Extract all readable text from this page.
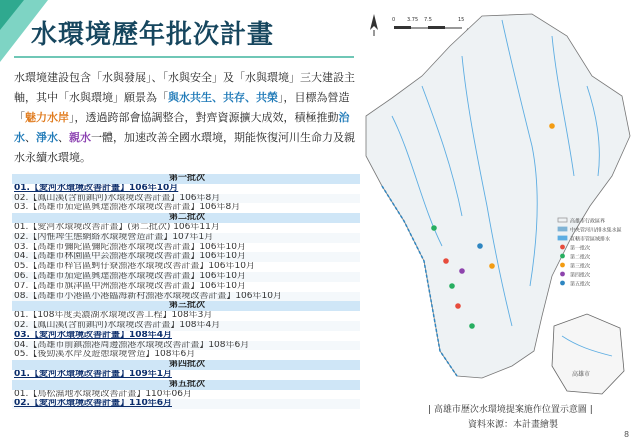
水環境歷年批次計畫

水環境建設包含「水與發展」、「水與安全」及「水與環境」三大建設主軸，其中「水與環境」願景為「與水共生、共存、共榮」，目標為營造「魅力水岸」，透過跨部會協調整合，對齊資源擴大成效，積極推動治水、淨水、親水一體，加速改善全國水環境，期能恢復河川生命力及親水永續水環境。

第一批次
01.【愛河水環境改善計畫】106年10月
02.【鳳山溪(含前鎮河)水環境改善計畫】106年8月
03.【高雄市茄萣區興達漁港水環境改善計畫】106年8月
第二批次
01.【愛河水環境改善計畫】(第二批次) 106年11月
02.【內惟埤生態網絡水環境營造計畫】107年1月
03.【高雄市彌陀區彌陀漁港水環境改善計畫】106年10月
04.【高雄市林園區中芸漁港水環境改善計畫】106年10月
05.【高雄市梓官區蚵仔寮漁港水環境改善計畫】106年10月
06.【高雄市茄萣區興達漁港水環境改善計畫】106年10月
07.【高雄市旗津區中洲漁港水環境改善計畫】106年10月
08.【高雄市小港區小港臨海新村漁港水環境改善計畫】106年10月
第三批次
01.【108年度美濃湖水環境改善工程】108年3月
02.【鳳山溪(含前鎮河)水環境改善計畫】108年4月
03.【愛河水環境改善計畫】108年4月
04.【高雄市前鎮漁港周邊漁港水環境改善計畫】108年6月
05.【後勁溪水岸及遊憩環境營造】108年6月
第四批次
01.【愛河水環境改善計畫】109年1月
第五批次
01.【鳥松濕地水環境改善計畫】110年06月
02.【愛河水環境改善計畫】110年6月
0 3.75 7.5	15
高雄市
高雄市行政區界
中央管河川/排水集水區
直轄市管區域排水
第一批次
第二批次
第三批次
第四批次
第五批次
| 高雄市歷次水環境提案施作位置示意圖 |
資料來源：本計畫繪製
8
